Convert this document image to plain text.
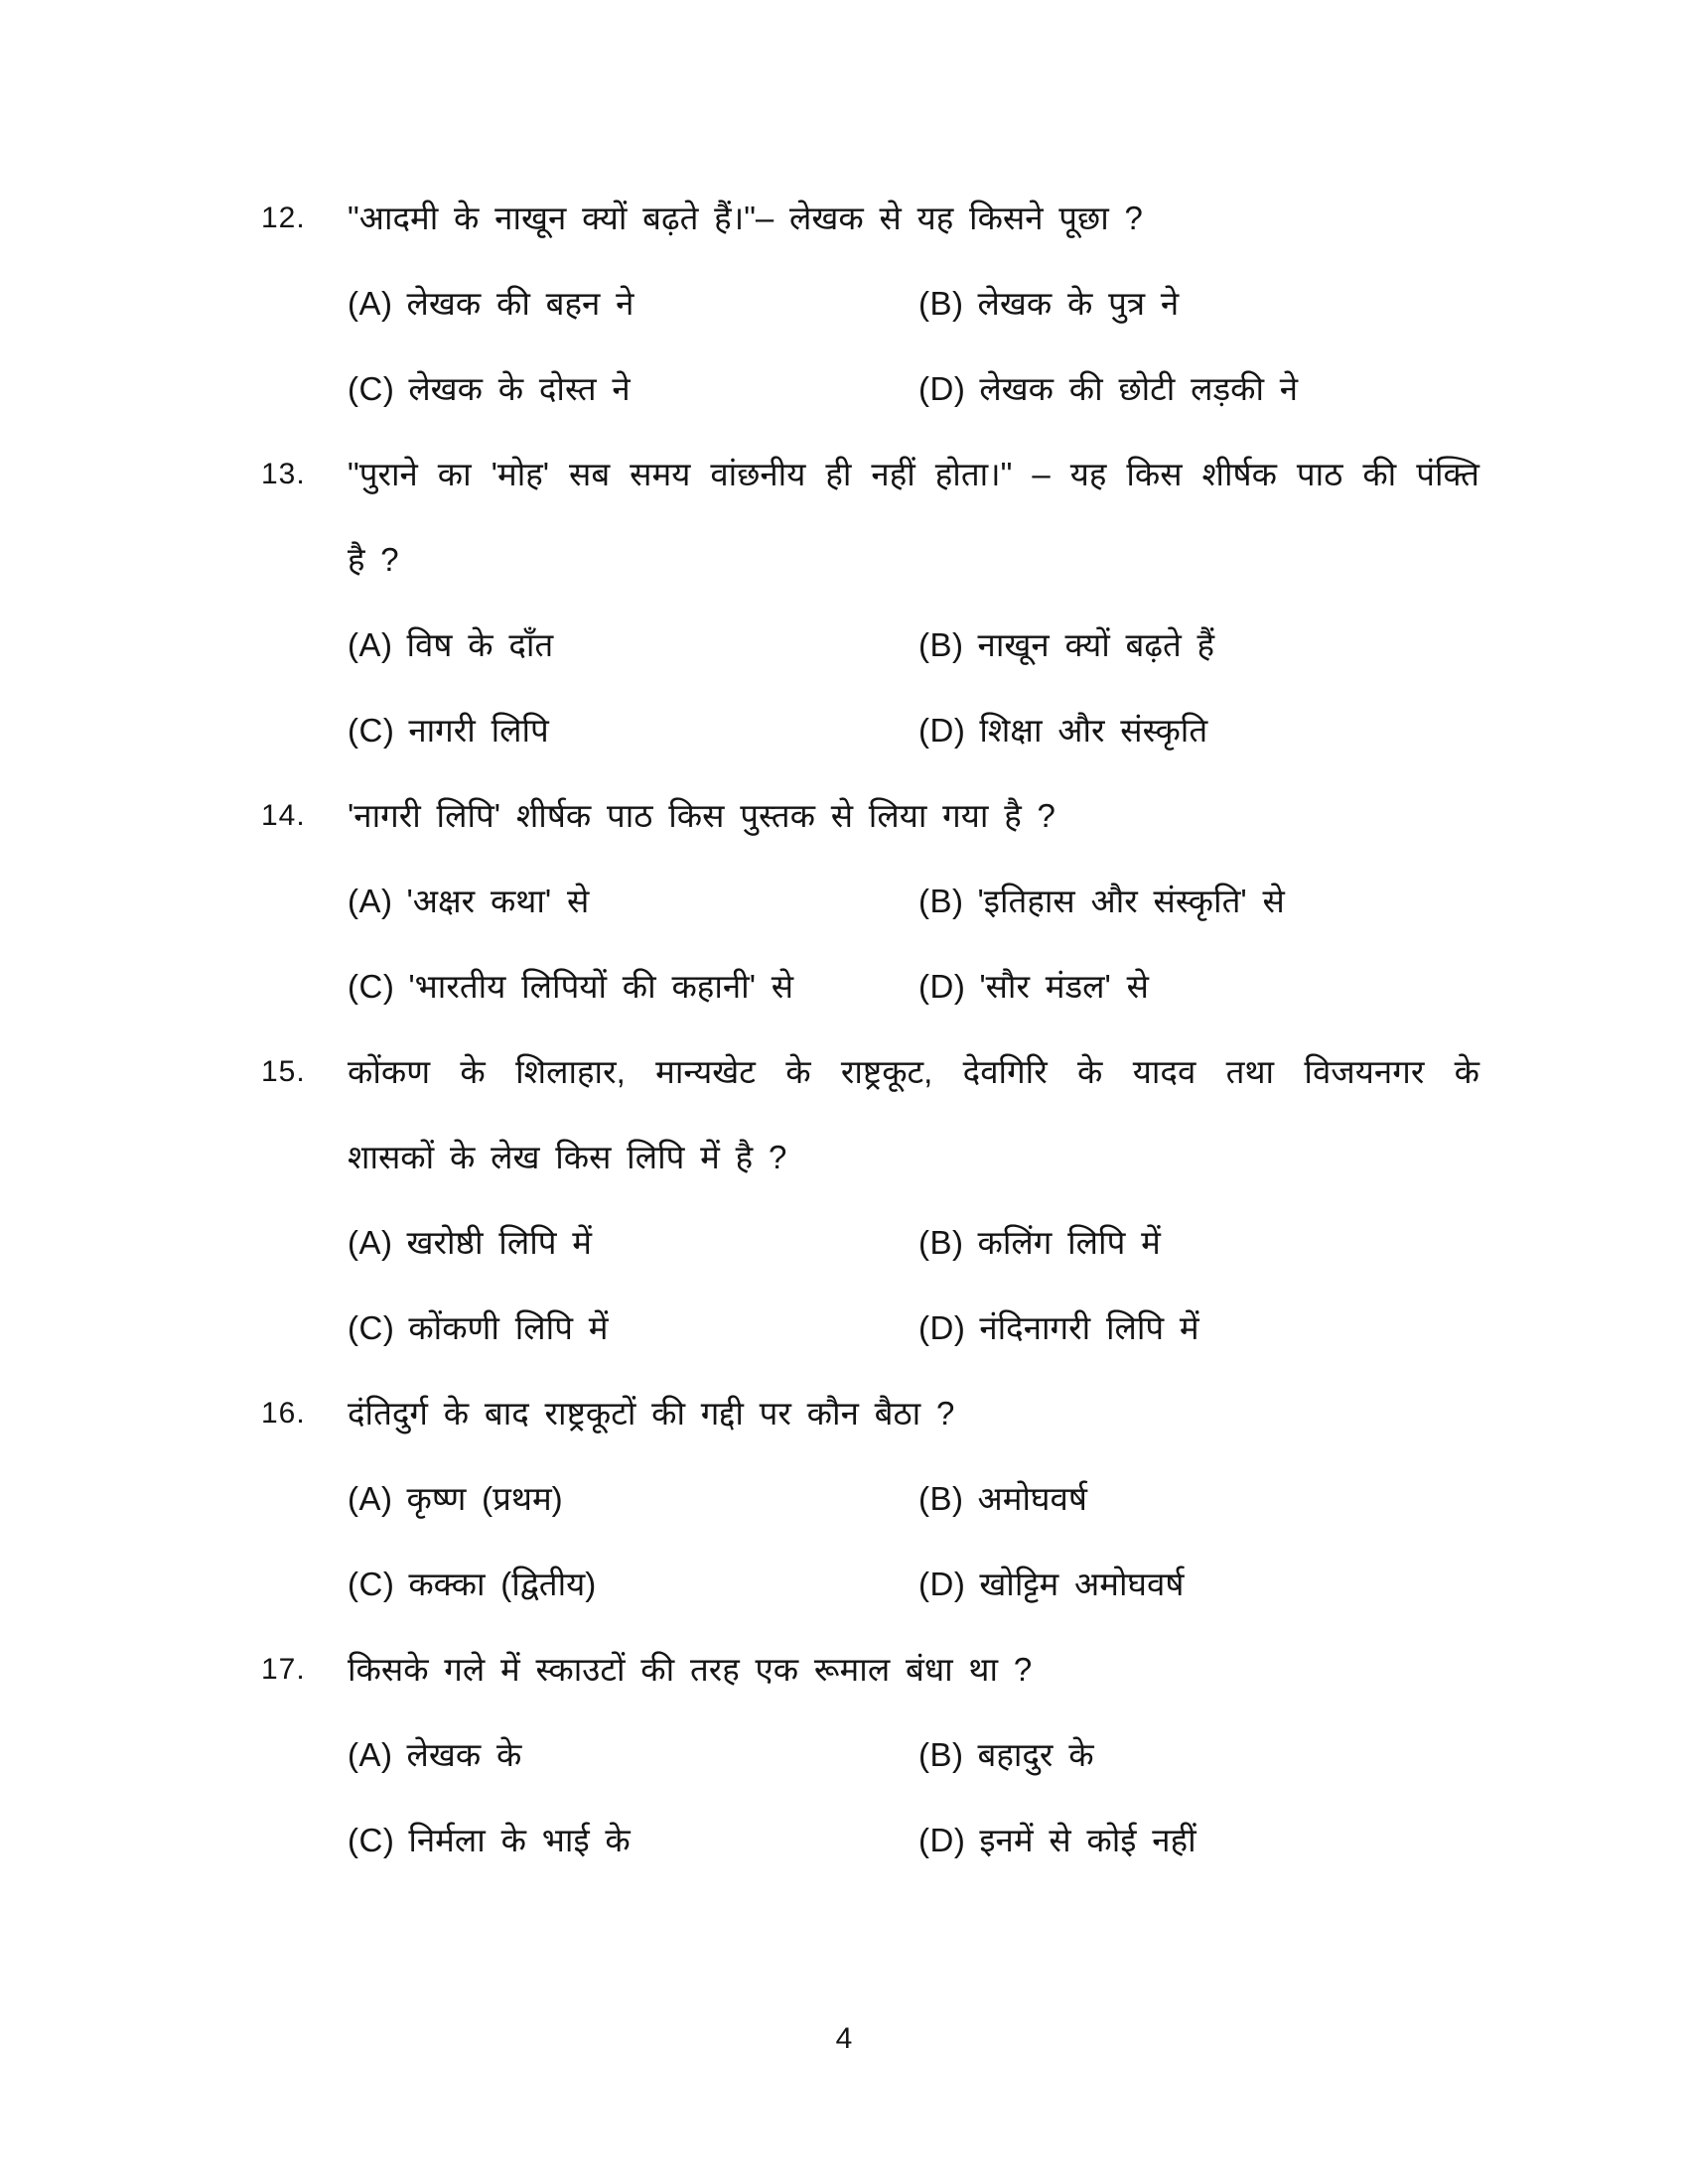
12.	"आदमी के नाखून क्यों बढ़ते हैं।"– लेखक से यह किसने पूछा ?
(A) लेखक की बहन ने	(B) लेखक के पुत्र ने
(C) लेखक के दोस्त ने	(D) लेखक की छोटी लड़की ने
13.	"पुराने का 'मोह' सब समय वांछनीय ही नहीं होता।" – यह किस शीर्षक पाठ की पंक्ति
है ?
(A) विष के दाँत	(B) नाखून क्यों बढ़ते हैं
(C) नागरी लिपि	(D) शिक्षा और संस्कृति
14.	'नागरी लिपि' शीर्षक पाठ किस पुस्तक से लिया गया है ?
(A) 'अक्षर कथा' से	(B) 'इतिहास और संस्कृति' से
(C) 'भारतीय लिपियों की कहानी' से	(D) 'सौर मंडल' से
15.	कोंकण के शिलाहार, मान्यखेट के राष्ट्रकूट, देवगिरि के यादव तथा विजयनगर के
शासकों के लेख किस लिपि में है ?
(A) खरोष्ठी लिपि में	(B) कलिंग लिपि में
(C) कोंकणी लिपि में	(D) नंदिनागरी लिपि में
16.	दंतिदुर्ग के बाद राष्ट्रकूटों की गद्दी पर कौन बैठा ?
(A) कृष्ण (प्रथम)	(B) अमोघवर्ष
(C) कक्का (द्वितीय)	(D) खोट्टिम अमोघवर्ष
17.	किसके गले में स्काउटों की तरह एक रूमाल बंधा था ?
(A) लेखक के	(B) बहादुर के
(C) निर्मला के भाई के	(D) इनमें से कोई नहीं
4
